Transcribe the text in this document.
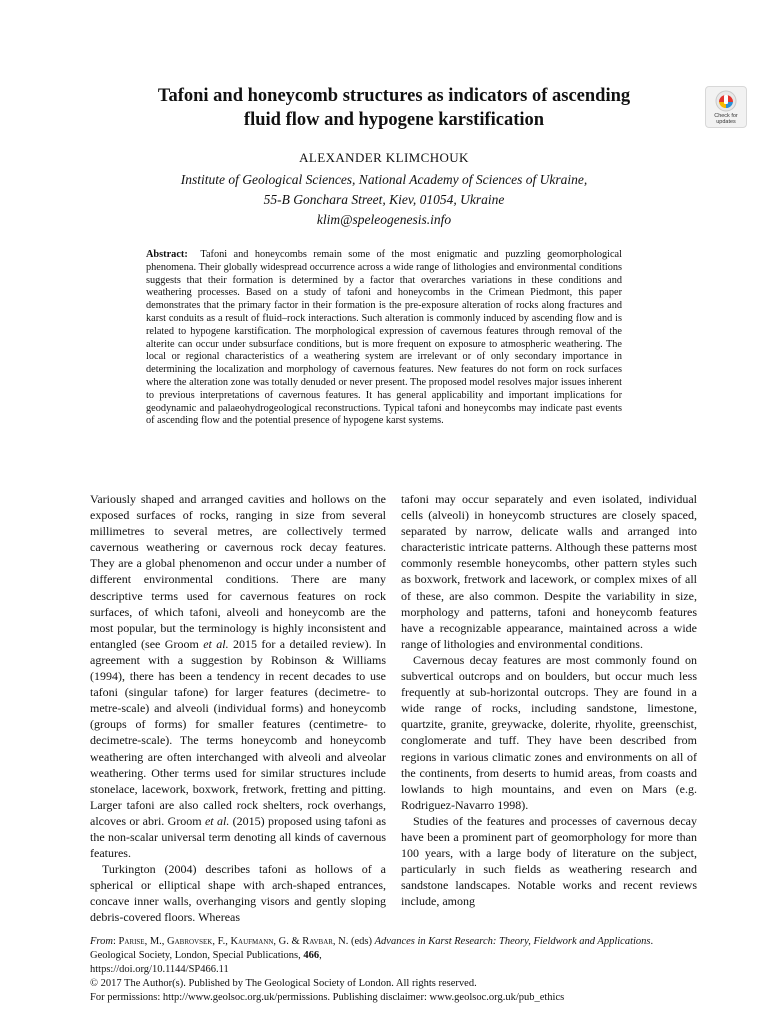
Tafoni and honeycomb structures as indicators of ascending
fluid flow and hypogene karstification	Check for
updates
ALEXANDER KLIMCHOUK
Institute of Geological Sciences, National Academy of Sciences of Ukraine,
55-B Gonchara Street, Kiev, 01054, Ukraine
klim@speleogenesis.info
Abstract: Tafoni and honeycombs remain some of the most enigmatic and puzzling geomorphological phenomena. Their globally widespread occurrence across a wide range of lithologies and environmental conditions suggests that their formation is determined by a factor that overarches variations in these conditions and weathering processes. Based on a study of tafoni and honeycombs in the Crimean Piedmont, this paper demonstrates that the primary factor in their formation is the pre-exposure alteration of rocks along fractures and karst conduits as a result of fluid–rock interactions. Such alteration is commonly induced by ascending flow and is related to hypogene karstification. The morphological expression of cavernous features through removal of the alterite can occur under subsurface conditions, but is more frequent on exposure to atmospheric weathering. The local or regional characteristics of a weathering system are irrelevant or of only secondary importance in determining the localization and morphology of cavernous features. New features do not form on rock surfaces where the alteration zone was totally denuded or never present. The proposed model resolves major issues inherent to previous interpretations of cavernous features. It has general applicability and important implications for geodynamic and palaeohydrogeological reconstructions. Typical tafoni and honeycombs may indicate past events of ascending flow and the potential presence of hypogene karst systems.

Variously shaped and arranged cavities and hollows on the exposed surfaces of rocks, ranging in size from several millimetres to several metres, are collectively termed cavernous weathering or cavernous rock decay features. They are a global phenomenon and occur under a number of different environmental conditions. There are many descriptive terms used for cavernous features on rock surfaces, of which tafoni, alveoli and honeycomb are the most popular, but the terminology is highly inconsistent and entangled (see Groom et al. 2015 for a detailed review). In agreement with a suggestion by Robinson & Williams (1994), there has been a tendency in recent decades to use tafoni (singular tafone) for larger features (decimetre- to metre-scale) and alveoli (individual forms) and honeycomb (groups of forms) for smaller features (centimetre- to decimetre-scale). The terms honeycomb and honeycomb weathering are often interchanged with alveoli and alveolar weathering. Other terms used for similar structures include stonelace, lacework, boxwork, fretwork, fretting and pitting. Larger tafoni are also called rock shelters, rock overhangs, alcoves or abri. Groom et al. (2015) proposed using tafoni as the non-scalar universal term denoting all kinds of cavernous features.

Turkington (2004) describes tafoni as hollows of a spherical or elliptical shape with arch-shaped entrances, concave inner walls, overhanging visors and gently sloping debris-covered floors. Whereas

tafoni may occur separately and even isolated, individual cells (alveoli) in honeycomb structures are closely spaced, separated by narrow, delicate walls and arranged into characteristic intricate patterns. Although these patterns most commonly resemble honeycombs, other pattern styles such as boxwork, fretwork and lacework, or complex mixes of all of these, are also common. Despite the variability in size, morphology and patterns, tafoni and honeycomb features have a recognizable appearance, maintained across a wide range of lithologies and environmental conditions.

Cavernous decay features are most commonly found on subvertical outcrops and on boulders, but occur much less frequently at sub-horizontal outcrops. They are found in a wide range of rocks, including sandstone, limestone, quartzite, granite, greywacke, dolerite, rhyolite, greenschist, conglomerate and tuff. They have been described from regions in various climatic zones and environments on all of the continents, from deserts to humid areas, from coasts and lowlands to high mountains, and even on Mars (e.g. Rodriguez-Navarro 1998).

Studies of the features and processes of cavernous decay have been a prominent part of geomorphology for more than 100 years, with a large body of literature on the subject, particularly in such fields as weathering research and sandstone landscapes. Notable works and recent reviews include, among

From: Parise, M., Gabrovsek, F., Kaufmann, G. & Ravbar, N. (eds) Advances in Karst Research: Theory, Fieldwork and Applications. Geological Society, London, Special Publications, 466,
https://doi.org/10.1144/SP466.11
© 2017 The Author(s). Published by The Geological Society of London. All rights reserved.
For permissions: http://www.geolsoc.org.uk/permissions. Publishing disclaimer: www.geolsoc.org.uk/pub_ethics
